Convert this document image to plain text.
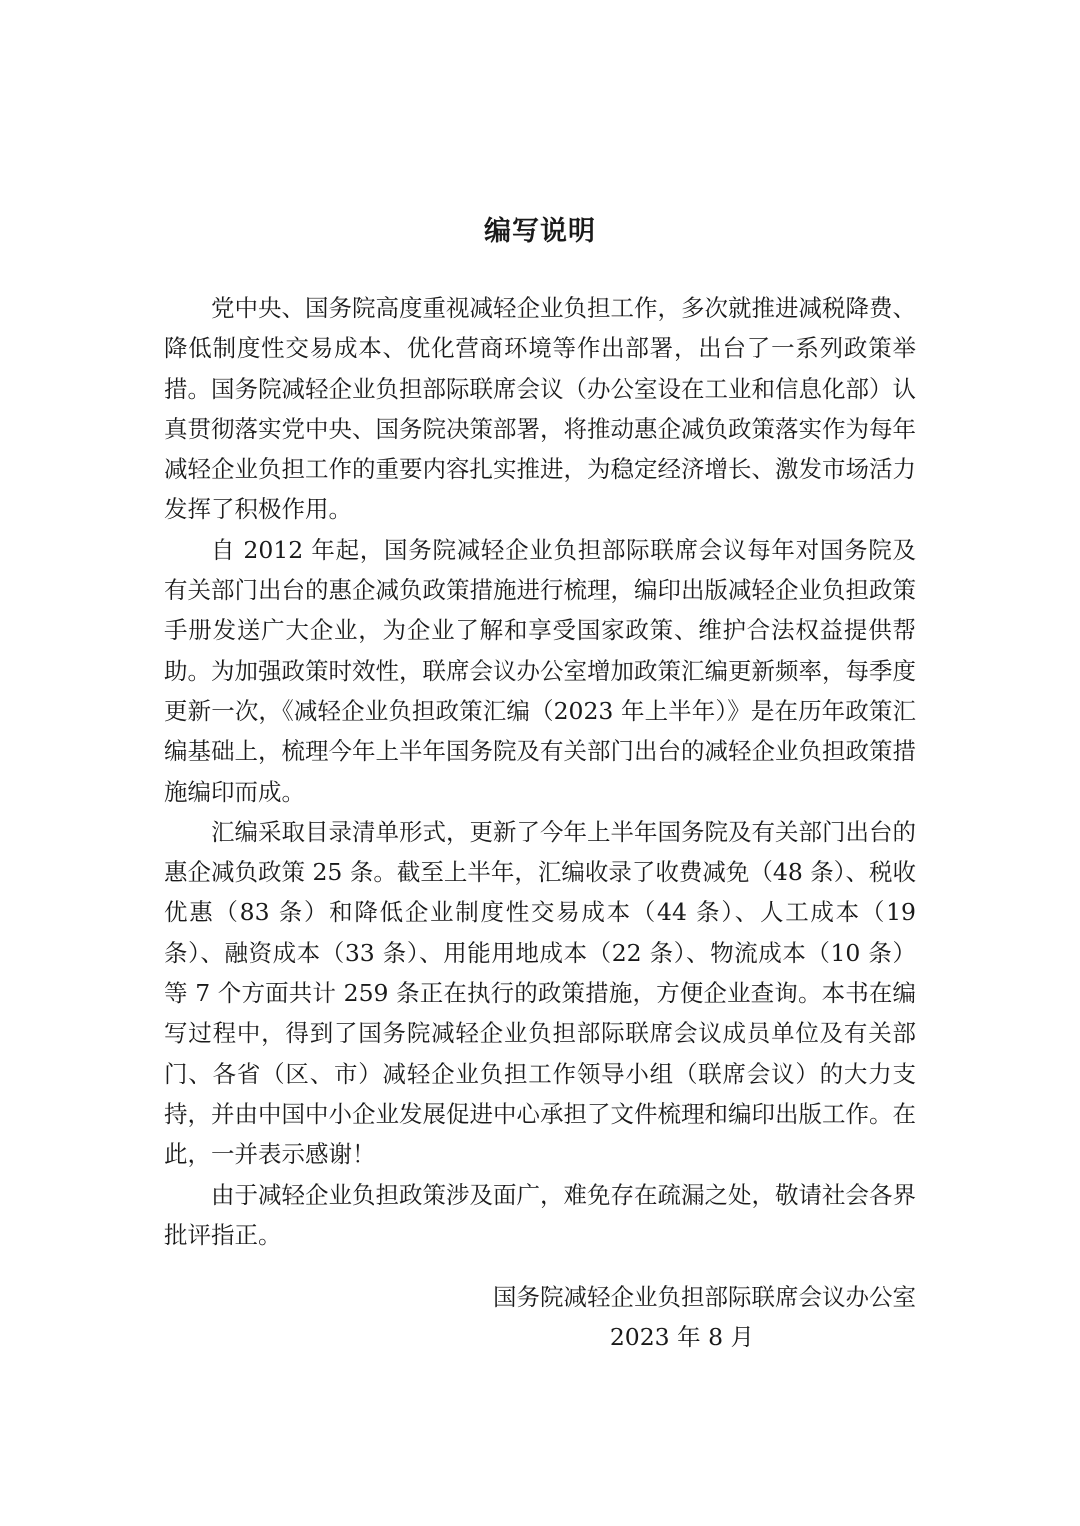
编写说明

党中央、国务院高度重视减轻企业负担工作，多次就推进减税降费、降低制度性交易成本、优化营商环境等作出部署，出台了一系列政策举措。国务院减轻企业负担部际联席会议（办公室设在工业和信息化部）认真贯彻落实党中央、国务院决策部署，将推动惠企减负政策落实作为每年减轻企业负担工作的重要内容扎实推进，为稳定经济增长、激发市场活力发挥了积极作用。

自 2012 年起，国务院减轻企业负担部际联席会议每年对国务院及有关部门出台的惠企减负政策措施进行梳理，编印出版减轻企业负担政策手册发送广大企业，为企业了解和享受国家政策、维护合法权益提供帮助。为加强政策时效性，联席会议办公室增加政策汇编更新频率，每季度更新一次，《减轻企业负担政策汇编（2023 年上半年）》是在历年政策汇编基础上，梳理今年上半年国务院及有关部门出台的减轻企业负担政策措施编印而成。

汇编采取目录清单形式，更新了今年上半年国务院及有关部门出台的惠企减负政策 25 条。截至上半年，汇编收录了收费减免（48 条）、税收优惠（83 条）和降低企业制度性交易成本（44 条）、人工成本（19 条）、融资成本（33 条）、用能用地成本（22 条）、物流成本（10 条）等 7 个方面共计 259 条正在执行的政策措施，方便企业查询。本书在编写过程中，得到了国务院减轻企业负担部际联席会议成员单位及有关部门、各省（区、市）减轻企业负担工作领导小组（联席会议）的大力支持，并由中国中小企业发展促进中心承担了文件梳理和编印出版工作。在此，一并表示感谢！

由于减轻企业负担政策涉及面广，难免存在疏漏之处，敬请社会各界批评指正。

国务院减轻企业负担部际联席会议办公室
2023 年 8 月
